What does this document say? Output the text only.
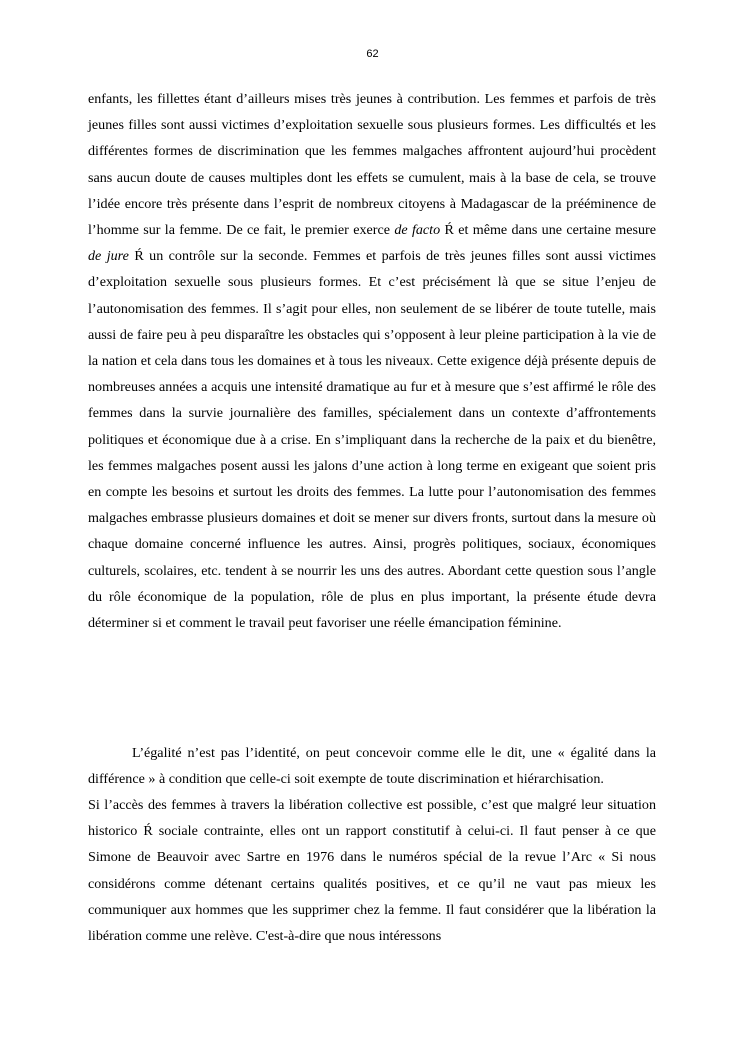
62

enfants, les fillettes étant d’ailleurs mises très jeunes à contribution. Les femmes et parfois de très jeunes filles sont aussi victimes d’exploitation sexuelle sous plusieurs formes. Les difficultés et les différentes formes de discrimination que les femmes malgaches affrontent aujourd’hui procèdent sans aucun doute de causes multiples dont les effets se cumulent, mais à la base de cela, se trouve l’idée encore très présente dans l’esprit de nombreux citoyens à Madagascar de la prééminence de l’homme sur la femme. De ce fait, le premier exerce de facto Ŕ et même dans une certaine mesure de jure Ŕ un contrôle sur la seconde. Femmes et parfois de très jeunes filles sont aussi victimes d’exploitation sexuelle sous plusieurs formes. Et c’est précisément là que se situe l’enjeu de l’autonomisation des femmes. Il s’agit pour elles, non seulement de se libérer de toute tutelle, mais aussi de faire peu à peu disparaître les obstacles qui s’opposent à leur pleine participation à la vie de la nation et cela dans tous les domaines et à tous les niveaux. Cette exigence déjà présente depuis de nombreuses années a acquis une intensité dramatique au fur et à mesure que s’est affirmé le rôle des femmes dans la survie journalière des familles, spécialement dans un contexte d’affrontements politiques et économique due à a crise. En s’impliquant dans la recherche de la paix et du bienêtre, les femmes malgaches posent aussi les jalons d’une action à long terme en exigeant que soient pris en compte les besoins et surtout les droits des femmes. La lutte pour l’autonomisation des femmes malgaches embrasse plusieurs domaines et doit se mener sur divers fronts, surtout dans la mesure où chaque domaine concerné influence les autres. Ainsi, progrès politiques, sociaux, économiques culturels, scolaires, etc. tendent à se nourrir les uns des autres. Abordant cette question sous l’angle du rôle économique de la population, rôle de plus en plus important, la présente étude devra déterminer si et comment le travail peut favoriser une réelle émancipation féminine.

L’égalité n’est pas l’identité, on peut concevoir comme elle le dit, une « égalité dans la différence » à condition que celle-ci soit exempte de toute discrimination et hiérarchisation.

Si l’accès des femmes à travers la libération collective est possible, c’est que malgré leur situation historico Ŕ sociale contrainte, elles ont un rapport constitutif à celui-ci. Il faut penser à ce que Simone de Beauvoir avec Sartre en 1976 dans le numéros spécial de la revue l’Arc « Si nous considérons comme détenant certains qualités positives, et ce qu’il ne vaut pas mieux les communiquer aux hommes que les supprimer chez la femme. Il faut considérer que la libération la libération comme une relève. C'est-à-dire que nous intéressons
